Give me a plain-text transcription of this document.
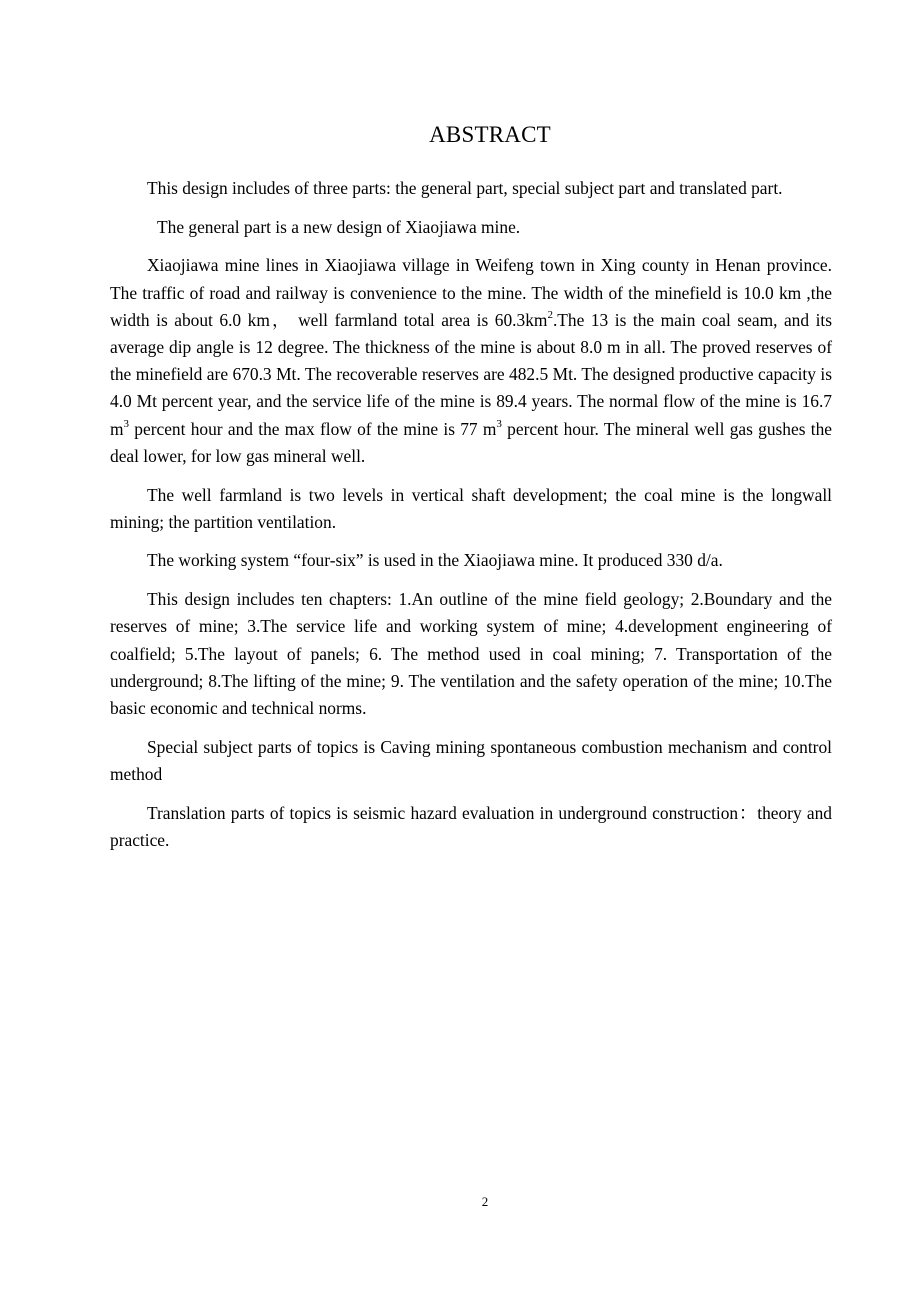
ABSTRACT

This design includes of three parts: the general part, special subject part and translated part.

The general part is a new design of Xiaojiawa mine.

Xiaojiawa mine lines in Xiaojiawa village in Weifeng town in Xing county in Henan province. The traffic of road and railway is convenience to the mine. The width of the minefield is 10.0 km ,the width is about 6.0 km， well farmland total area is $60.3km^2.The$ 13 is the main coal seam, and its average dip angle is 12 degree. The thickness of the mine is about 8.0 m in all. The proved reserves of the minefield are 670.3 Mt. The recoverable reserves are 482.5 Mt. The designed productive capacity is 4.0 Mt percent year, and the service life of the mine is 89.4 years. The normal flow of the mine is 16.7 $m^3$ percent hour and the max flow of the mine is 77 $m^3$ percent hour. The mineral well gas gushes the deal lower, for low gas mineral well.

The well farmland is two levels in vertical shaft development; the coal mine is the longwall mining; the partition ventilation.

The working system “four-six” is used in the Xiaojiawa mine. It produced 330 d/a.

This design includes ten chapters: 1.An outline of the mine field geology; 2.Boundary and the reserves of mine; 3.The service life and working system of mine; 4.development engineering of coalfield; 5.The layout of panels; 6. The method used in coal mining; 7. Transportation of the underground; 8.The lifting of the mine; 9. The ventilation and the safety operation of the mine; 10.The basic economic and technical norms.

Special subject parts of topics is Caving mining spontaneous combustion mechanism and control method

Translation parts of topics is seismic hazard evaluation in underground construction：theory and practice.

2
